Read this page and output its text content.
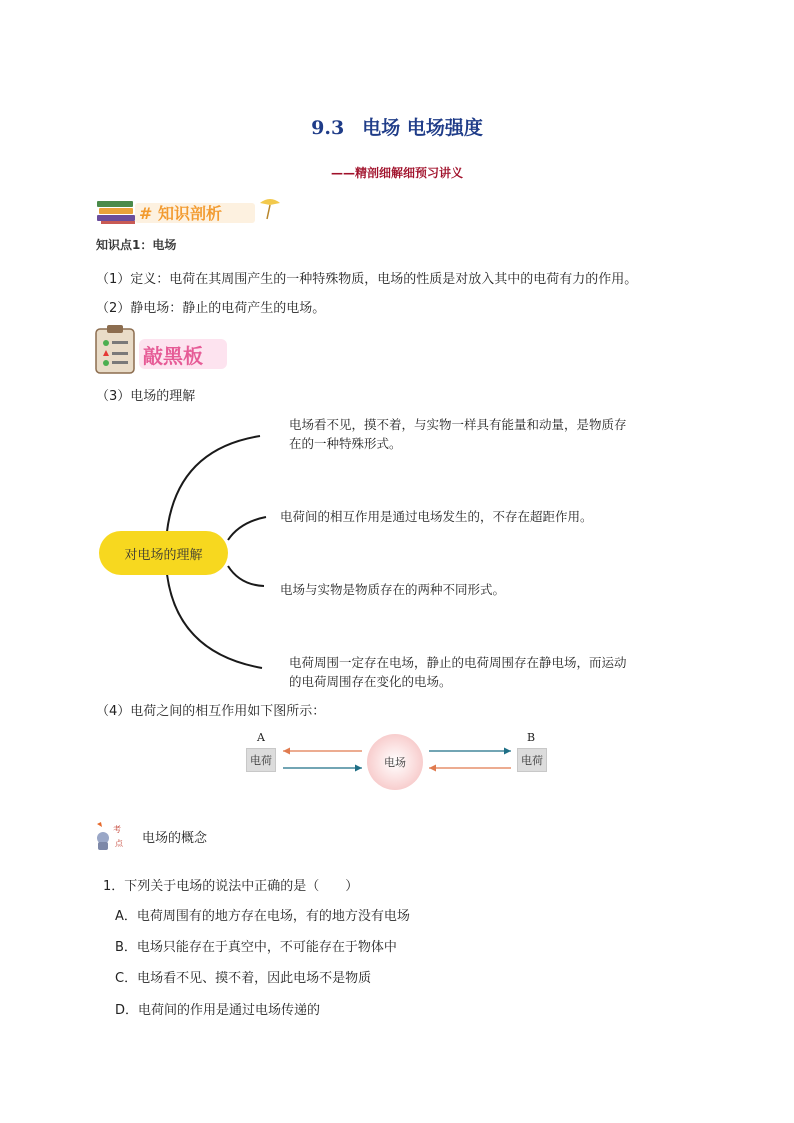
9.3 电场 电场强度
——精剖细解细预习讲义
# 知识剖析
知识点1：电场
（1）定义：电荷在其周围产生的一种特殊物质，电场的性质是对放入其中的电荷有力的作用。
（2）静电场：静止的电荷产生的电场。
敲黑板
（3）电场的理解
对电场的理解
电场看不见，摸不着，与实物一样具有能量和动量，是物质存
在的一种特殊形式。
电荷间的相互作用是通过电场发生的，不存在超距作用。
电场与实物是物质存在的两种不同形式。
电荷周围一定存在电场，静止的电荷周围存在静电场，而运动
的电荷周围存在变化的电场。
（4）电荷之间的相互作用如下图所示：
A
电荷
B
电荷
电场
考
点 电场的概念
1．下列关于电场的说法中正确的是（　　）
A．电荷周围有的地方存在电场，有的地方没有电场
B．电场只能存在于真空中，不可能存在于物体中
C．电场看不见、摸不着，因此电场不是物质
D．电荷间的作用是通过电场传递的
